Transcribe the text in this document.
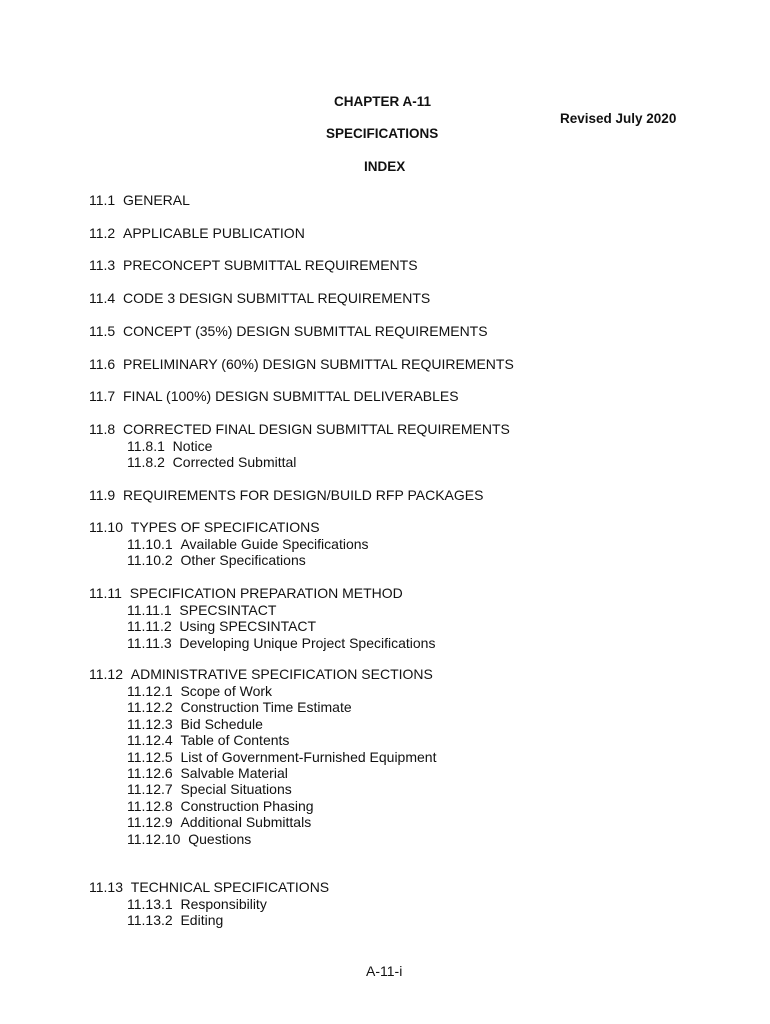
CHAPTER A-11
Revised July 2020
SPECIFICATIONS
INDEX
11.1 GENERAL
11.2 APPLICABLE PUBLICATION
11.3 PRECONCEPT SUBMITTAL REQUIREMENTS
11.4 CODE 3 DESIGN SUBMITTAL REQUIREMENTS
11.5 CONCEPT (35%) DESIGN SUBMITTAL REQUIREMENTS
11.6 PRELIMINARY (60%) DESIGN SUBMITTAL REQUIREMENTS
11.7 FINAL (100%) DESIGN SUBMITTAL DELIVERABLES
11.8 CORRECTED FINAL DESIGN SUBMITTAL REQUIREMENTS
11.8.1 Notice
11.8.2 Corrected Submittal
11.9 REQUIREMENTS FOR DESIGN/BUILD RFP PACKAGES
11.10 TYPES OF SPECIFICATIONS
11.10.1 Available Guide Specifications
11.10.2 Other Specifications
11.11 SPECIFICATION PREPARATION METHOD
11.11.1 SPECSINTACT
11.11.2 Using SPECSINTACT
11.11.3 Developing Unique Project Specifications
11.12 ADMINISTRATIVE SPECIFICATION SECTIONS
11.12.1 Scope of Work
11.12.2 Construction Time Estimate
11.12.3 Bid Schedule
11.12.4 Table of Contents
11.12.5 List of Government-Furnished Equipment
11.12.6 Salvable Material
11.12.7 Special Situations
11.12.8 Construction Phasing
11.12.9 Additional Submittals
11.12.10 Questions
11.13 TECHNICAL SPECIFICATIONS
11.13.1 Responsibility
11.13.2 Editing
A-11-i
